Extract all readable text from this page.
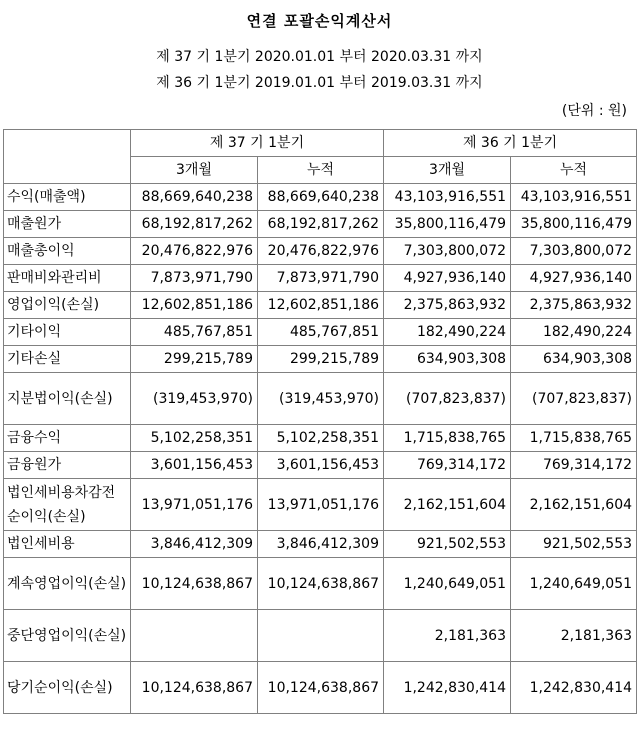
연결 포괄손익계산서
제 37 기 1분기 2020.01.01 부터 2020.03.31 까지
제 36 기 1분기 2019.01.01 부터 2019.03.31 까지
(단위 : 원)
	제 37 기 1분기		제 36 기 1분기	
	3개월	누적	3개월	누적
수익(매출액)	88,669,640,238	88,669,640,238	43,103,916,551	43,103,916,551
매출원가	68,192,817,262	68,192,817,262	35,800,116,479	35,800,116,479
매출총이익	20,476,822,976	20,476,822,976	7,303,800,072	7,303,800,072
판매비와관리비	7,873,971,790	7,873,971,790	4,927,936,140	4,927,936,140
영업이익(손실)	12,602,851,186	12,602,851,186	2,375,863,932	2,375,863,932
기타이익	485,767,851	485,767,851	182,490,224	182,490,224
기타손실	299,215,789	299,215,789	634,903,308	634,903,308
지분법이익(손실)	(319,453,970)	(319,453,970)	(707,823,837)	(707,823,837)
금융수익	5,102,258,351	5,102,258,351	1,715,838,765	1,715,838,765
금융원가	3,601,156,453	3,601,156,453	769,314,172	769,314,172
법인세비용차감전순이익(손실)	13,971,051,176	13,971,051,176	2,162,151,604	2,162,151,604
법인세비용	3,846,412,309	3,846,412,309	921,502,553	921,502,553
계속영업이익(손실)	10,124,638,867	10,124,638,867	1,240,649,051	1,240,649,051
중단영업이익(손실)			2,181,363	2,181,363
당기순이익(손실)	10,124,638,867	10,124,638,867	1,242,830,414	1,242,830,414
